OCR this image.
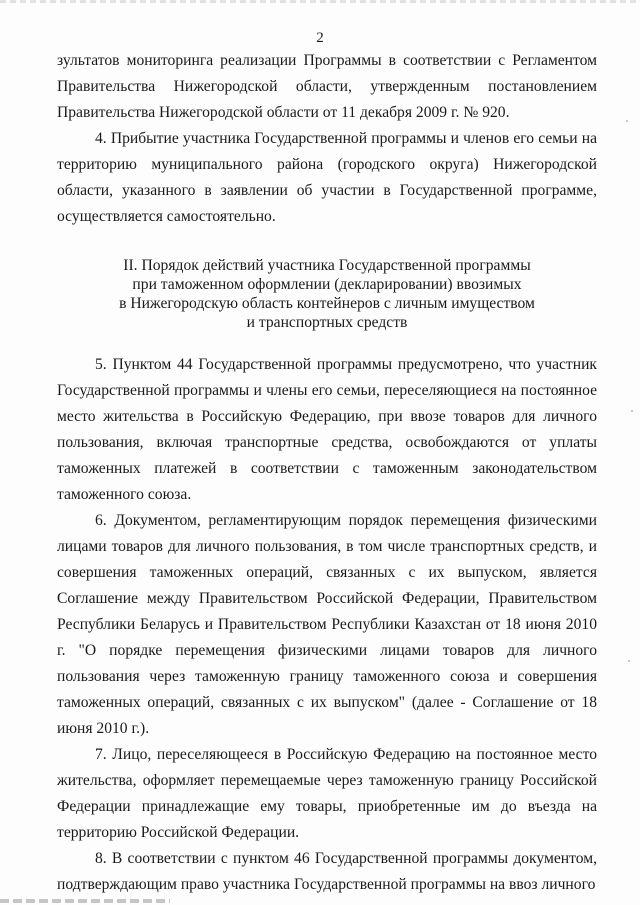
2

зультатов мониторинга реализации Программы в соответствии с Регламентом Правительства Нижегородской области, утвержденным постановлением Правительства Нижегородской области от 11 декабря 2009 г. № 920.

4. Прибытие участника Государственной программы и членов его семьи на территорию муниципального района (городского округа) Нижегородской области, указанного в заявлении об участии в Государственной программе, осуществляется самостоятельно.

II. Порядок действий участника Государственной программы
при таможенном оформлении (декларировании) ввозимых
в Нижегородскую область контейнеров с личным имуществом
и транспортных средств

5. Пунктом 44 Государственной программы предусмотрено, что участник Государственной программы и члены его семьи, переселяющиеся на постоянное место жительства в Российскую Федерацию, при ввозе товаров для личного пользования, включая транспортные средства, освобождаются от уплаты таможенных платежей в соответствии с таможенным законодательством таможенного союза.

6. Документом, регламентирующим порядок перемещения физическими лицами товаров для личного пользования, в том числе транспортных средств, и совершения таможенных операций, связанных с их выпуском, является Соглашение между Правительством Российской Федерации, Правительством Республики Беларусь и Правительством Республики Казахстан от 18 июня 2010 г. "О порядке перемещения физическими лицами товаров для личного пользования через таможенную границу таможенного союза и совершения таможенных операций, связанных с их выпуском" (далее - Соглашение от 18 июня 2010 г.).

7. Лицо, переселяющееся в Российскую Федерацию на постоянное место жительства, оформляет перемещаемые через таможенную границу Российской Федерации принадлежащие ему товары, приобретенные им до въезда на территорию Российской Федерации.

8. В соответствии с пунктом 46 Государственной программы документом, подтверждающим право участника Государственной программы на ввоз личного
